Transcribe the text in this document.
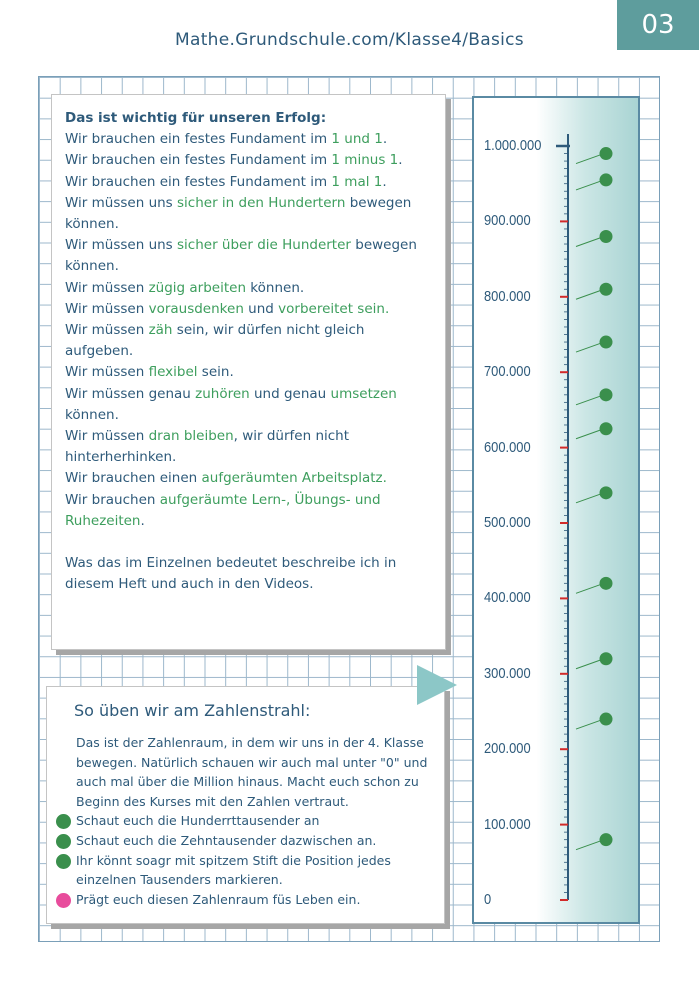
03
Mathe.Grundschule.com/Klasse4/Basics

Das ist wichtig für unseren Erfolg:

Wir brauchen ein festes Fundament im 1 und 1.

Wir brauchen ein festes Fundament im 1 minus 1.

Wir brauchen ein festes Fundament im 1 mal 1.

Wir müssen uns sicher in den Hundertern bewegen

können.

Wir müssen uns sicher über die Hunderter bewegen

können.

Wir müssen zügig arbeiten können.

Wir müssen vorausdenken und vorbereitet sein.

Wir müssen zäh sein, wir dürfen nicht gleich

aufgeben.

Wir müssen flexibel sein.

Wir müssen genau zuhören und genau umsetzen

können.

Wir müssen dran bleiben, wir dürfen nicht

hinterherhinken.

Wir brauchen einen aufgeräumten Arbeitsplatz.

Wir brauchen aufgeräumte Lern-, Übungs- und

Ruhezeiten.

Was das im Einzelnen bedeutet beschreibe ich in
diesem Heft und auch in den Videos.
So üben wir am Zahlenstrahl:
Das ist der Zahlenraum, in dem wir uns in der 4. Klasse
bewegen. Natürlich schauen wir auch mal unter "0" und
auch mal über die Million hinaus. Macht euch schon zu
Beginn des Kurses mit den Zahlen vertraut.
Schaut euch die Hunderrttausender an
Schaut euch die Zehntausender dazwischen an.
Ihr könnt soagr mit spitzem Stift die Position jedes
einzelnen Tausenders markieren.
Prägt euch diesen Zahlenraum füs Leben ein.	0
100.000
200.000
300.000
400.000
500.000
600.000
700.000
800.000
900.000
1.000.000
